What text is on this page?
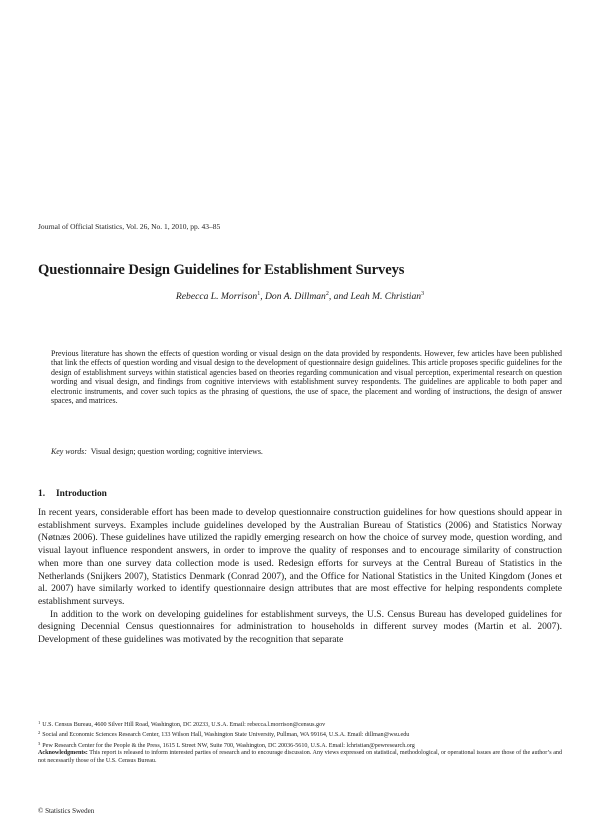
Journal of Official Statistics, Vol. 26, No. 1, 2010, pp. 43–85
Questionnaire Design Guidelines for Establishment Surveys
Rebecca L. Morrison$^1$, Don A. Dillman$^2$, and Leah M. Christian$^3$
Previous literature has shown the effects of question wording or visual design on the data provided by respondents. However, few articles have been published that link the effects of question wording and visual design to the development of questionnaire design guidelines. This article proposes specific guidelines for the design of establishment surveys within statistical agencies based on theories regarding communication and visual perception, experimental research on question wording and visual design, and findings from cognitive interviews with establishment survey respondents. The guidelines are applicable to both paper and electronic instruments, and cover such topics as the phrasing of questions, the use of space, the placement and wording of instructions, the design of answer spaces, and matrices.
Key words: Visual design; question wording; cognitive interviews.
1. Introduction

In recent years, considerable effort has been made to develop questionnaire construction guidelines for how questions should appear in establishment surveys. Examples include guidelines developed by the Australian Bureau of Statistics (2006) and Statistics Norway (Nøtnæs 2006). These guidelines have utilized the rapidly emerging research on how the choice of survey mode, question wording, and visual layout influence respondent answers, in order to improve the quality of responses and to encourage similarity of construction when more than one survey data collection mode is used. Redesign efforts for surveys at the Central Bureau of Statistics in the Netherlands (Snijkers 2007), Statistics Denmark (Conrad 2007), and the Office for National Statistics in the United Kingdom (Jones et al. 2007) have similarly worked to identify questionnaire design attributes that are most effective for helping respondents complete establishment surveys.

In addition to the work on developing guidelines for establishment surveys, the U.S. Census Bureau has developed guidelines for designing Decennial Census questionnaires for administration to households in different survey modes (Martin et al. 2007). Development of these guidelines was motivated by the recognition that separate

$^1$ U.S. Census Bureau, 4600 Silver Hill Road, Washington, DC 20233, U.S.A. Email: rebecca.l.morrison@census.gov
$^2$ Social and Economic Sciences Research Center, 133 Wilson Hall, Washington State University, Pullman, WA 99164, U.S.A. Email: dillman@wsu.edu
$^3$ Pew Research Center for the People & the Press, 1615 L Street NW, Suite 700, Washington, DC 20036-5610, U.S.A. Email: lchristian@pewresearch.org
Acknowledgments: This report is released to inform interested parties of research and to encourage discussion. Any views expressed on statistical, methodological, or operational issues are those of the author’s and not necessarily those of the U.S. Census Bureau.
© Statistics Sweden
